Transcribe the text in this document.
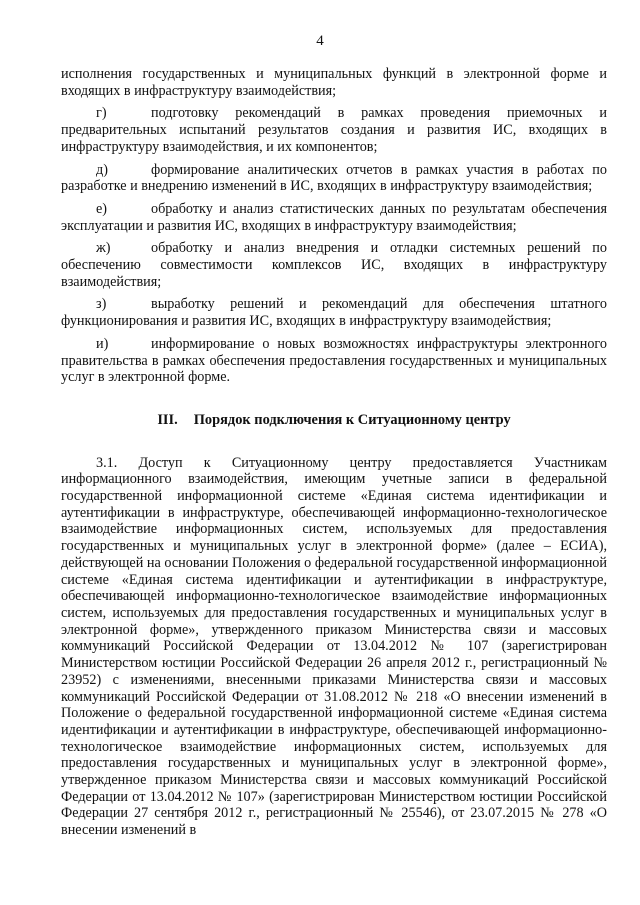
4

исполнения государственных и муниципальных функций в электронной форме и входящих в инфраструктуру взаимодействия;

г)	подготовку рекомендаций в рамках проведения приемочных и предварительных испытаний результатов создания и развития ИС, входящих в инфраструктуру взаимодействия, и их компонентов;

д)	формирование аналитических отчетов в рамках участия в работах по разработке и внедрению изменений в ИС, входящих в инфраструктуру взаимодействия;

е)	обработку и анализ статистических данных по результатам обеспечения эксплуатации и развития ИС, входящих в инфраструктуру взаимодействия;

ж)	обработку и анализ внедрения и отладки системных решений по обеспечению совместимости комплексов ИС, входящих в инфраструктуру взаимодействия;

з)	выработку решений и рекомендаций для обеспечения штатного функционирования и развития ИС, входящих в инфраструктуру взаимодействия;

и)	информирование о новых возможностях инфраструктуры электронного правительства в рамках обеспечения предоставления государственных и муниципальных услуг в электронной форме.

III. Порядок подключения к Ситуационному центру

3.1. Доступ к Ситуационному центру предоставляется Участникам информационного взаимодействия, имеющим учетные записи в федеральной государственной информационной системе «Единая система идентификации и аутентификации в инфраструктуре, обеспечивающей информационно-технологическое взаимодействие информационных систем, используемых для предоставления государственных и муниципальных услуг в электронной форме» (далее – ЕСИА), действующей на основании Положения о федеральной государственной информационной системе «Единая система идентификации и аутентификации в инфраструктуре, обеспечивающей информационно-технологическое взаимодействие информационных систем, используемых для предоставления государственных и муниципальных услуг в электронной форме», утвержденного приказом Министерства связи и массовых коммуникаций Российской Федерации от 13.04.2012 № 107 (зарегистрирован Министерством юстиции Российской Федерации 26 апреля 2012 г., регистрационный № 23952) с изменениями, внесенными приказами Министерства связи и массовых коммуникаций Российской Федерации от 31.08.2012 № 218 «О внесении изменений в Положение о федеральной государственной информационной системе «Единая система идентификации и аутентификации в инфраструктуре, обеспечивающей информационно-технологическое взаимодействие информационных систем, используемых для предоставления государственных и муниципальных услуг в электронной форме», утвержденное приказом Министерства связи и массовых коммуникаций Российской Федерации от 13.04.2012 № 107» (зарегистрирован Министерством юстиции Российской Федерации 27 сентября 2012 г., регистрационный № 25546), от 23.07.2015 № 278 «О внесении изменений в
